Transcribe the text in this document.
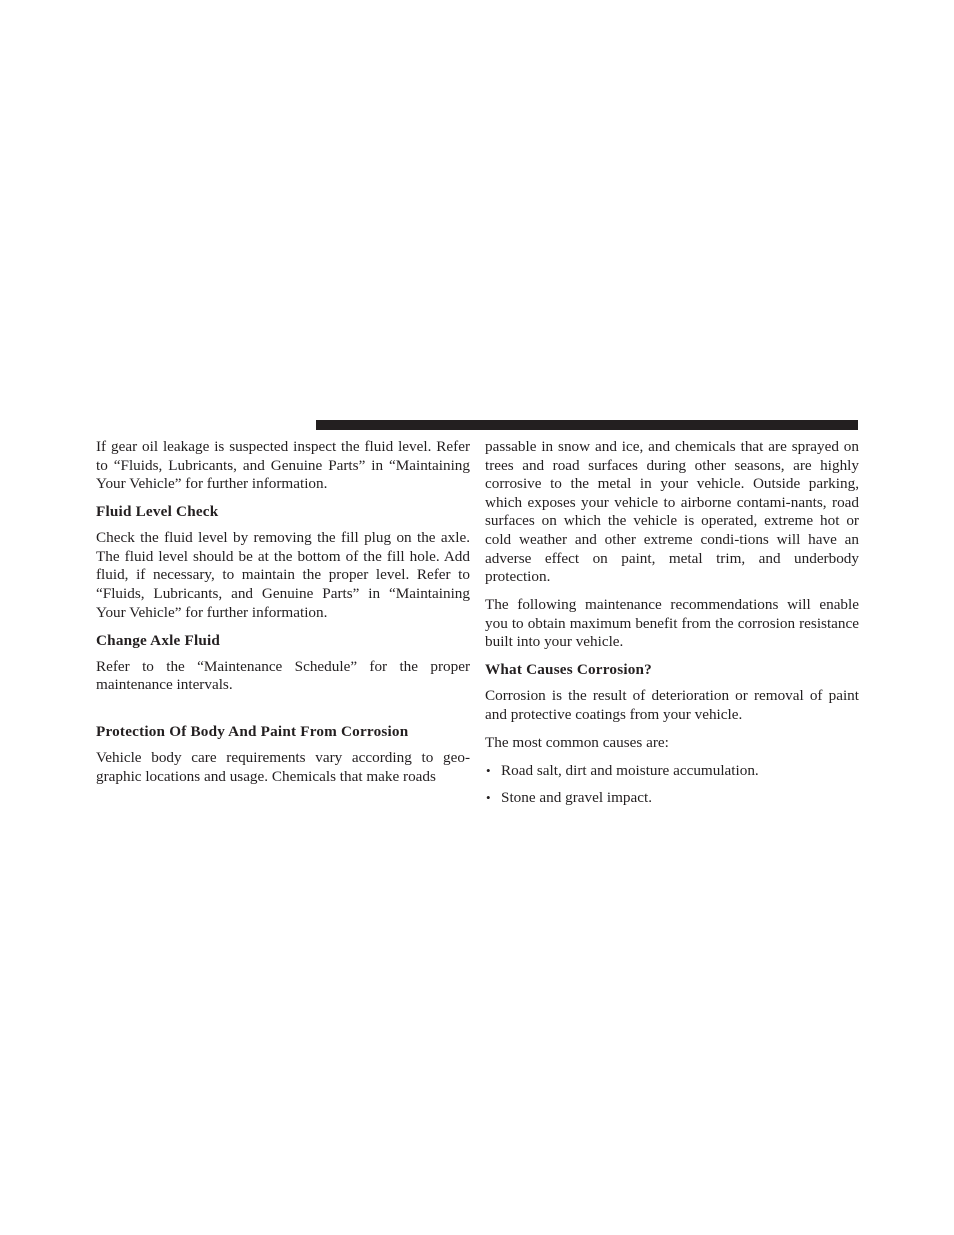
If gear oil leakage is suspected inspect the fluid level. Refer to “Fluids, Lubricants, and Genuine Parts” in “Maintaining Your Vehicle” for further information.

Fluid Level Check

Check the fluid level by removing the fill plug on the axle. The fluid level should be at the bottom of the fill hole. Add fluid, if necessary, to maintain the proper level. Refer to “Fluids, Lubricants, and Genuine Parts” in “Maintaining Your Vehicle” for further information.

Change Axle Fluid

Refer to the “Maintenance Schedule” for the proper maintenance intervals.

Protection Of Body And Paint From Corrosion

Vehicle body care requirements vary according to geo-graphic locations and usage. Chemicals that make roads

passable in snow and ice, and chemicals that are sprayed on trees and road surfaces during other seasons, are highly corrosive to the metal in your vehicle. Outside parking, which exposes your vehicle to airborne contami-nants, road surfaces on which the vehicle is operated, extreme hot or cold weather and other extreme condi-tions will have an adverse effect on paint, metal trim, and underbody protection.

The following maintenance recommendations will enable you to obtain maximum benefit from the corrosion resistance built into your vehicle.

What Causes Corrosion?

Corrosion is the result of deterioration or removal of paint and protective coatings from your vehicle.

The most common causes are:

• Road salt, dirt and moisture accumulation.
• Stone and gravel impact.
